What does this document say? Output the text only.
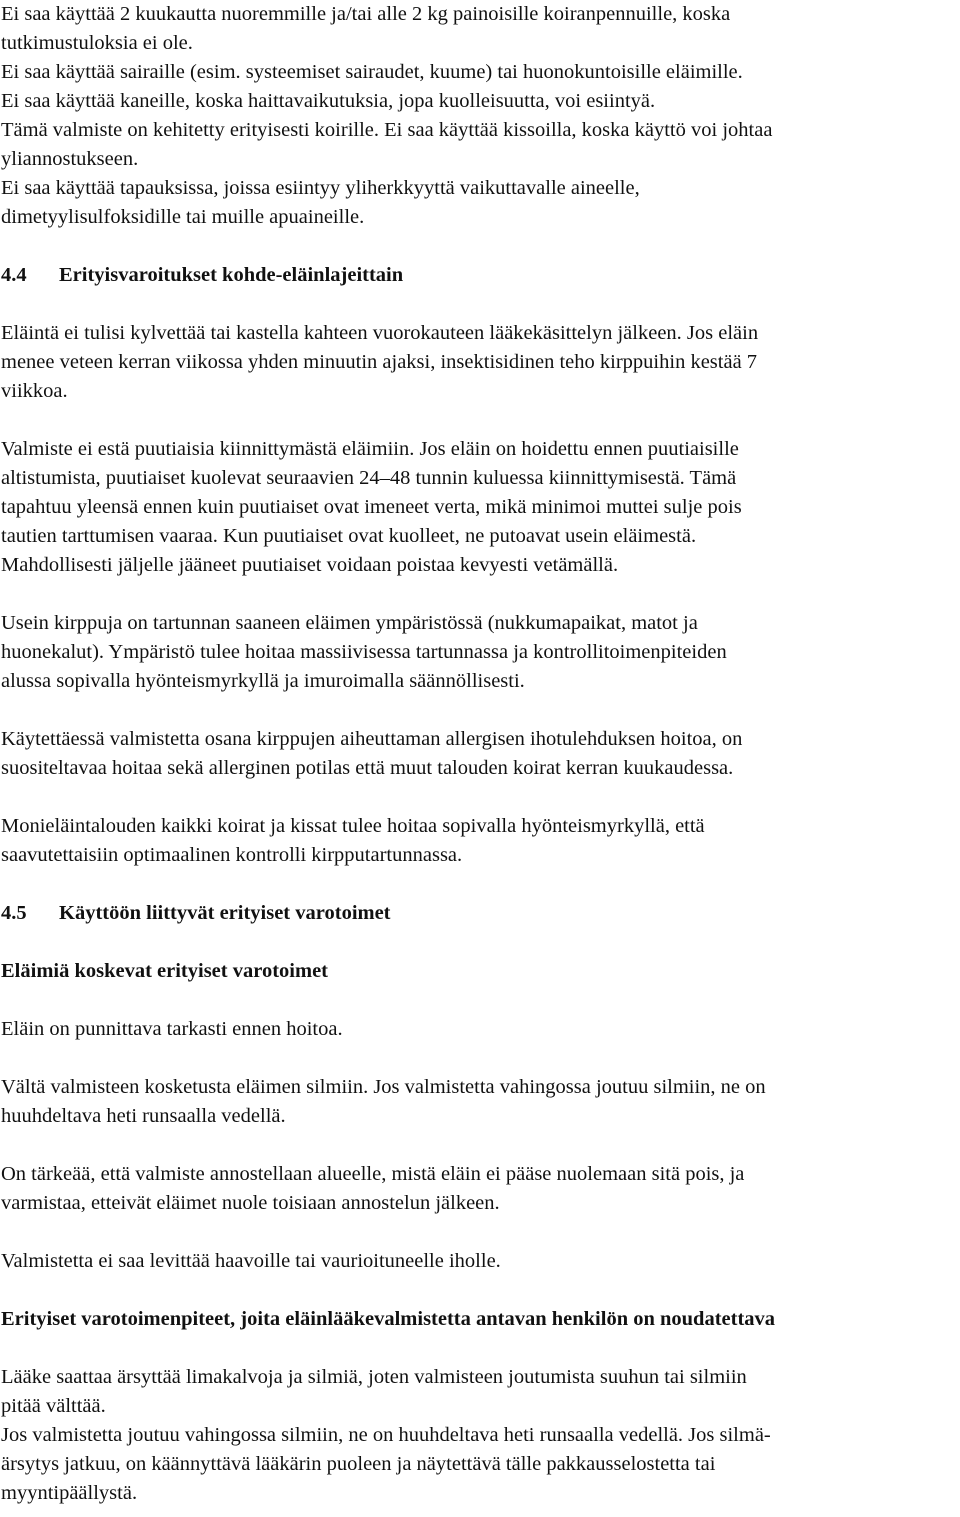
Ei saa käyttää 2 kuukautta nuoremmille ja/tai alle 2 kg painoisille koiranpennuille, koska
tutkimustuloksia ei ole.
Ei saa käyttää sairaille (esim. systeemiset sairaudet, kuume) tai huonokuntoisille eläimille.
Ei saa käyttää kaneille, koska haittavaikutuksia, jopa kuolleisuutta, voi esiintyä.
Tämä valmiste on kehitetty erityisesti koirille. Ei saa käyttää kissoilla, koska käyttö voi johtaa
yliannostukseen.
Ei saa käyttää tapauksissa, joissa esiintyy yliherkkyyttä vaikuttavalle aineelle,
dimetyylisulfoksidille tai muille apuaineille.
4.4 Erityisvaroitukset kohde-eläinlajeittain
Eläintä ei tulisi kylvettää tai kastella kahteen vuorokauteen lääkekäsittelyn jälkeen. Jos eläin
menee veteen kerran viikossa yhden minuutin ajaksi, insektisidinen teho kirppuihin kestää 7
viikkoa.
Valmiste ei estä puutiaisia kiinnittymästä eläimiin. Jos eläin on hoidettu ennen puutiaisille
altistumista, puutiaiset kuolevat seuraavien 24–48 tunnin kuluessa kiinnittymisestä. Tämä
tapahtuu yleensä ennen kuin puutiaiset ovat imeneet verta, mikä minimoi muttei sulje pois
tautien tarttumisen vaaraa. Kun puutiaiset ovat kuolleet, ne putoavat usein eläimestä.
Mahdollisesti jäljelle jääneet puutiaiset voidaan poistaa kevyesti vetämällä.
Usein kirppuja on tartunnan saaneen eläimen ympäristössä (nukkumapaikat, matot ja
huonekalut). Ympäristö tulee hoitaa massiivisessa tartunnassa ja kontrollitoimenpiteiden
alussa sopivalla hyönteismyrkyllä ja imuroimalla säännöllisesti.
Käytettäessä valmistetta osana kirppujen aiheuttaman allergisen ihotulehduksen hoitoa, on
suositeltavaa hoitaa sekä allerginen potilas että muut talouden koirat kerran kuukaudessa.
Monieläintalouden kaikki koirat ja kissat tulee hoitaa sopivalla hyönteismyrkyllä, että
saavutettaisiin optimaalinen kontrolli kirpputartunnassa.
4.5 Käyttöön liittyvät erityiset varotoimet
Eläimiä koskevat erityiset varotoimet
Eläin on punnittava tarkasti ennen hoitoa.
Vältä valmisteen kosketusta eläimen silmiin. Jos valmistetta vahingossa joutuu silmiin, ne on
huuhdeltava heti runsaalla vedellä.
On tärkeää, että valmiste annostellaan alueelle, mistä eläin ei pääse nuolemaan sitä pois, ja
varmistaa, etteivät eläimet nuole toisiaan annostelun jälkeen.
Valmistetta ei saa levittää haavoille tai vaurioituneelle iholle.
Erityiset varotoimenpiteet, joita eläinlääkevalmistetta antavan henkilön on noudatettava
Lääke saattaa ärsyttää limakalvoja ja silmiä, joten valmisteen joutumista suuhun tai silmiin
pitää välttää.
Jos valmistetta joutuu vahingossa silmiin, ne on huuhdeltava heti runsaalla vedellä. Jos silmä-
ärsytys jatkuu, on käännyttävä lääkärin puoleen ja näytettävä tälle pakkausselostetta tai
myyntipäällystä.
